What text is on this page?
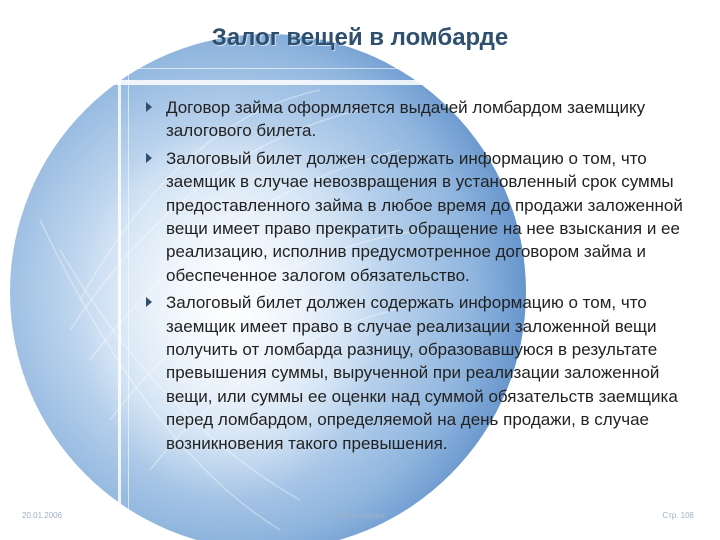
Залог вещей в ломбарде
Договор займа оформляется выдачей ломбардом заемщику залогового билета.
Залоговый билет должен содержать информацию о том, что заемщик в случае невозвращения в установленный срок суммы предоставленного займа в любое время до продажи заложенной вещи имеет право прекратить обращение на нее взыскания и ее реализацию, исполнив предусмотренное договором займа и обеспеченное залогом обязательство.
Залоговый билет должен содержать информацию о том, что заемщик имеет право в случае реализации заложенной вещи получить от ломбарда разницу, образовавшуюся в результате превышения суммы, вырученной при реализации заложенной вещи, или суммы ее оценки над суммой обязательств заемщика перед ломбардом, определяемой на день продажи, в случае возникновения такого превышения.
20.01.2006	Презентация	Стр. 108
